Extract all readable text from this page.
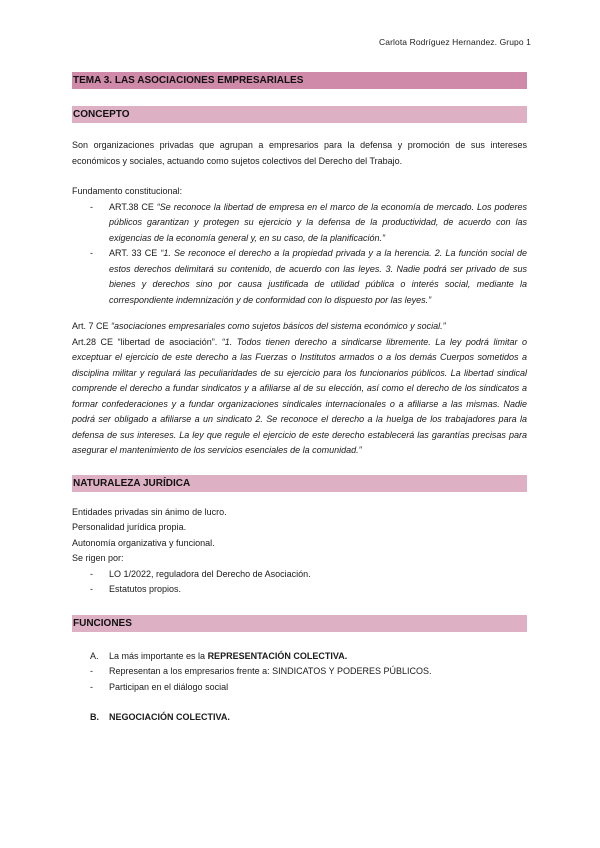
Carlota Rodríguez Hernandez. Grupo 1
TEMA 3. LAS ASOCIACIONES EMPRESARIALES
CONCEPTO

Son organizaciones privadas que agrupan a empresarios para la defensa y promoción de sus intereses económicos y sociales, actuando como sujetos colectivos del Derecho del Trabajo.

Fundamento constitucional:

- ART.38 CE “Se reconoce la libertad de empresa en el marco de la economía de mercado. Los poderes públicos garantizan y protegen su ejercicio y la defensa de la productividad, de acuerdo con las exigencias de la economía general y, en su caso, de la planificación.”
- ART. 33 CE “1. Se reconoce el derecho a la propiedad privada y a la herencia. 2. La función social de estos derechos delimitará su contenido, de acuerdo con las leyes. 3. Nadie podrá ser privado de sus bienes y derechos sino por causa justificada de utilidad pública o interés social, mediante la correspondiente indemnización y de conformidad con lo dispuesto por las leyes.”

Art. 7 CE “asociaciones empresariales como sujetos básicos del sistema económico y social.”

Art.28 CE “libertad de asociación”. “1. Todos tienen derecho a sindicarse libremente. La ley podrá limitar o exceptuar el ejercicio de este derecho a las Fuerzas o Institutos armados o a los demás Cuerpos sometidos a disciplina militar y regulará las peculiaridades de su ejercicio para los funcionarios públicos. La libertad sindical comprende el derecho a fundar sindicatos y a afiliarse al de su elección, así como el derecho de los sindicatos a formar confederaciones y a fundar organizaciones sindicales internacionales o a afiliarse a las mismas. Nadie podrá ser obligado a afiliarse a un sindicato 2. Se reconoce el derecho a la huelga de los trabajadores para la defensa de sus intereses. La ley que regule el ejercicio de este derecho establecerá las garantías precisas para asegurar el mantenimiento de los servicios esenciales de la comunidad.”

NATURALEZA JURÍDICA

Entidades privadas sin ánimo de lucro.

Personalidad jurídica propia.

Autonomía organizativa y funcional.

Se rigen por:

- LO 1/2022, reguladora del Derecho de Asociación.
- Estatutos propios.
FUNCIONES
A. La más importante es la REPRESENTACIÓN COLECTIVA.
- Representan a los empresarios frente a: SINDICATOS Y PODERES PÚBLICOS.
- Participan en el diálogo social
B. NEGOCIACIÓN COLECTIVA.
